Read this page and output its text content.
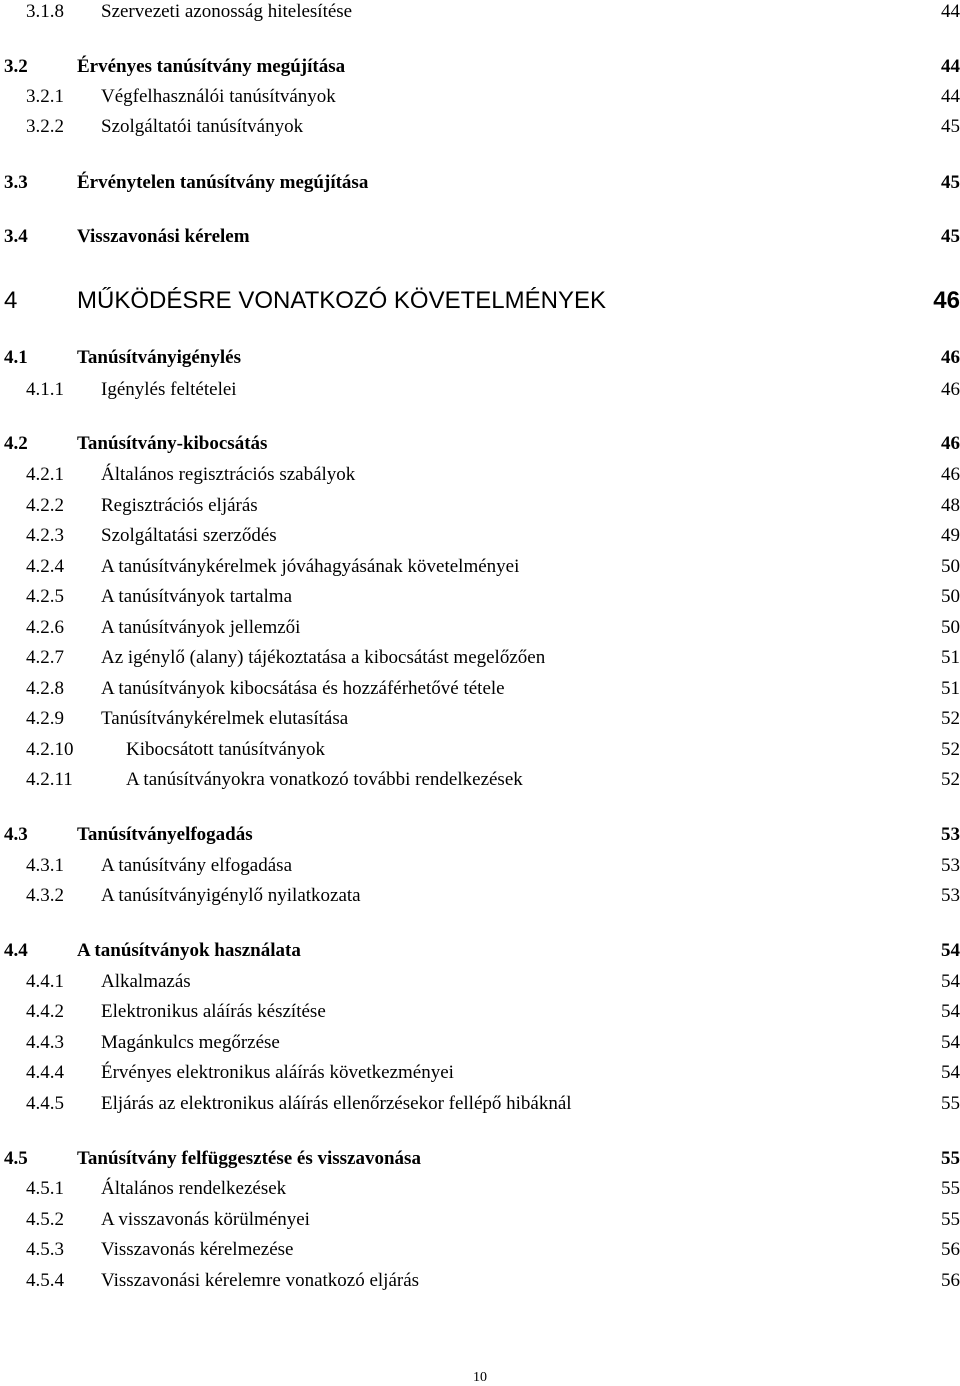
3.1.8 Szervezeti azonosság hitelesítése	44
3.2	Érvényes tanúsítvány megújítása	44
3.2.1 Végfelhasználói tanúsítványok	44
3.2.2 Szolgáltatói tanúsítványok	45
3.3	Érvénytelen tanúsítvány megújítása	45
3.4	Visszavonási kérelem	45
4 MŰKÖDÉSRE VONATKOZÓ KÖVETELMÉNYEK	46
4.1	Tanúsítványigénylés	46
4.1.1 Igénylés feltételei	46
4.2	Tanúsítvány-kibocsátás	46
4.2.1 Általános regisztrációs szabályok	46
4.2.2 Regisztrációs eljárás	48
4.2.3 Szolgáltatási szerződés	49
4.2.4 A tanúsítványkérelmek jóváhagyásának követelményei	50
4.2.5 A tanúsítványok tartalma	50
4.2.6 A tanúsítványok jellemzői	50
4.2.7 Az igénylő (alany) tájékoztatása a kibocsátást megelőzően	51
4.2.8 A tanúsítványok kibocsátása és hozzáférhetővé tétele	51
4.2.9 Tanúsítványkérelmek elutasítása	52
4.2.10	Kibocsátott tanúsítványok	52
4.2.11	A tanúsítványokra vonatkozó további rendelkezések	52
4.3	Tanúsítványelfogadás	53
4.3.1 A tanúsítvány elfogadása	53
4.3.2 A tanúsítványigénylő nyilatkozata	53
4.4	A tanúsítványok használata	54
4.4.1 Alkalmazás	54
4.4.2 Elektronikus aláírás készítése	54
4.4.3 Magánkulcs megőrzése	54
4.4.4 Érvényes elektronikus aláírás következményei	54
4.4.5 Eljárás az elektronikus aláírás ellenőrzésekor fellépő hibáknál	55
4.5	Tanúsítvány felfüggesztése és visszavonása	55
4.5.1 Általános rendelkezések	55
4.5.2 A visszavonás körülményei	55
4.5.3 Visszavonás kérelmezése	56
4.5.4 Visszavonási kérelemre vonatkozó eljárás	56
10
